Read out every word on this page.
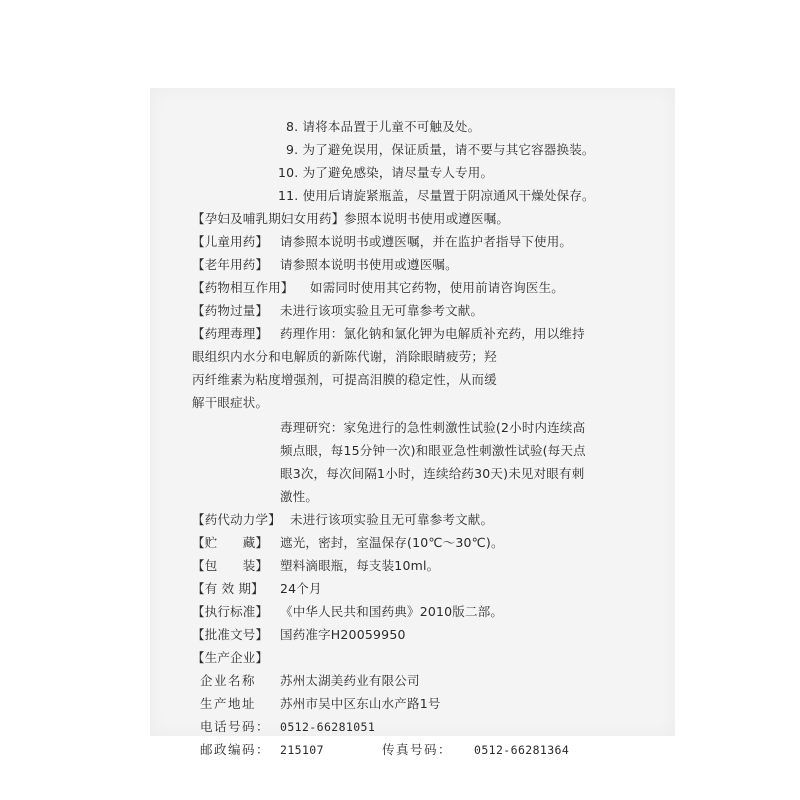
8. 请将本品置于儿童不可触及处。
9. 为了避免误用，保证质量，请不要与其它容器换装。
10. 为了避免感染，请尽量专人专用。
11. 使用后请旋紧瓶盖，尽量置于阴凉通风干燥处保存。
【孕妇及哺乳期妇女用药】参照本说明书使用或遵医嘱。
【儿童用药】 请参照本说明书或遵医嘱，并在监护者指导下使用。
【老年用药】 请参照本说明书使用或遵医嘱。
【药物相互作用】 如需同时使用其它药物，使用前请咨询医生。
【药物过量】 未进行该项实验且无可靠参考文献。
【药理毒理】 药理作用：氯化钠和氯化钾为电解质补充药，用以维持
眼组织内水分和电解质的新陈代谢，消除眼睛疲劳；羟
丙纤维素为粘度增强剂，可提高泪膜的稳定性，从而缓
解干眼症状。
毒理研究：家兔进行的急性刺激性试验(2小时内连续高
频点眼，每15分钟一次)和眼亚急性刺激性试验(每天点
眼3次，每次间隔1小时，连续给药30天)未见对眼有刺
激性。
【药代动力学】 未进行该项实验且无可靠参考文献。
【贮　　藏】 遮光，密封，室温保存(10℃～30℃)。
【包　　装】 塑料滴眼瓶，每支装10ml。
【有 效 期】 24个月
【执行标准】 《中华人民共和国药典》2010版二部。
【批准文号】 国药准字H20059950
【生产企业】
企业名称 苏州太湖美药业有限公司
生产地址 苏州市吴中区东山水产路1号
电话号码： 0512-66281051
邮政编码： 215107	传真号码： 0512-66281364
